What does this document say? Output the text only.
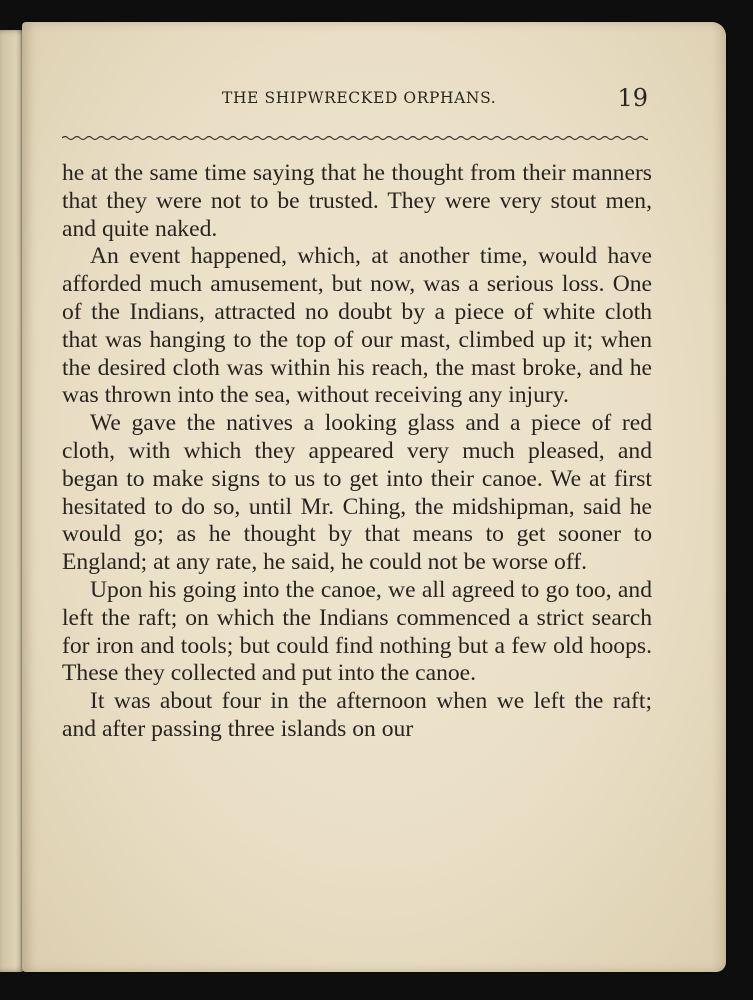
THE SHIPWRECKED ORPHANS.	19

he at the same time saying that he thought from their manners that they were not to be trusted. They were very stout men, and quite naked.

An event happened, which, at another time, would have afforded much amusement, but now, was a serious loss. One of the Indians, attracted no doubt by a piece of white cloth that was hanging to the top of our mast, climbed up it; when the desired cloth was within his reach, the mast broke, and he was thrown into the sea, without receiving any injury.

We gave the natives a looking glass and a piece of red cloth, with which they appeared very much pleased, and began to make signs to us to get into their canoe. We at first hesitated to do so, until Mr. Ching, the midshipman, said he would go; as he thought by that means to get sooner to England; at any rate, he said, he could not be worse off.

Upon his going into the canoe, we all agreed to go too, and left the raft; on which the Indians commenced a strict search for iron and tools; but could find nothing but a few old hoops. These they collected and put into the canoe.

It was about four in the afternoon when we left the raft; and after passing three islands on our
